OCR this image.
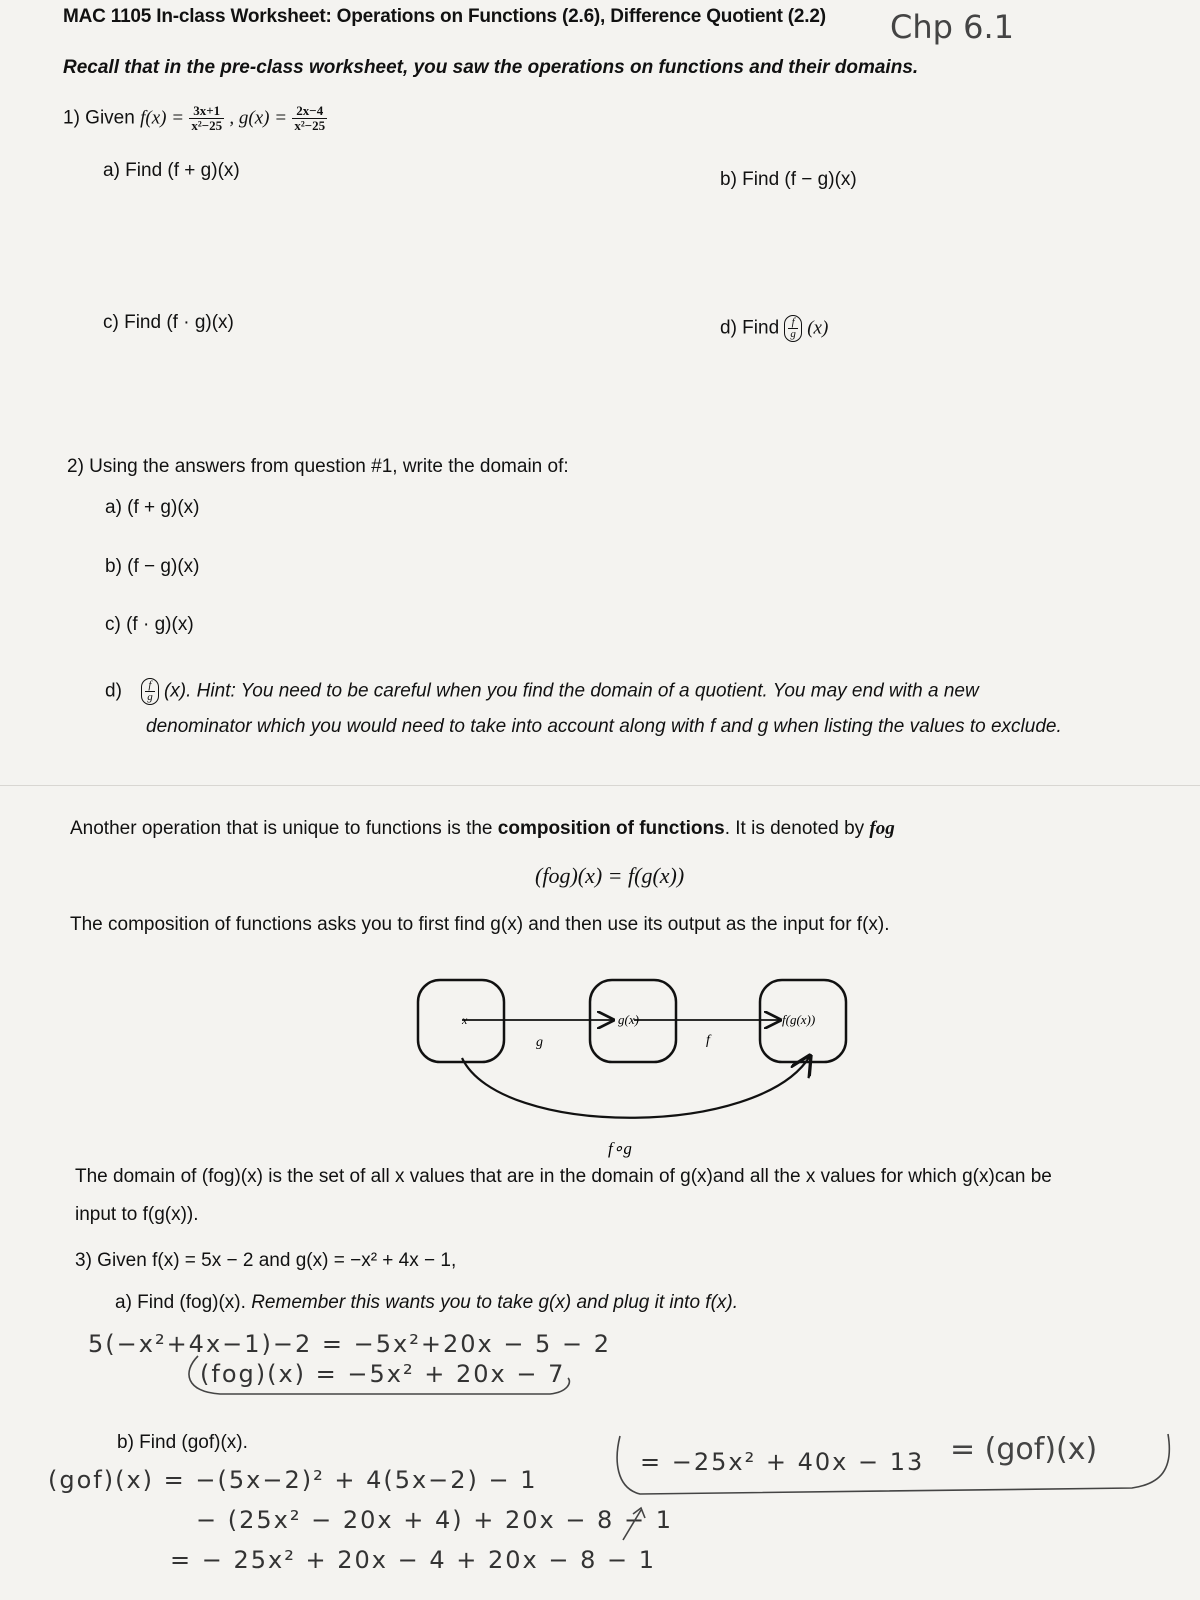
MAC 1105 In-class Worksheet: Operations on Functions (2.6), Difference Quotient (2.2) Chp 6.1
Recall that in the pre-class worksheet, you saw the operations on functions and their domains.
1) Given $f(x) = \frac{3x+1}{\text{x²−25}}$ , $g(x) = \frac{2x-4}{\text{x²−25}}$
a) Find (f + g)(x)	b) Find (f − g)(x)
c) Find (f · g)(x)	d) Find $\frac{f}{g} (x)$
2) Using the answers from question #1, write the domain of:
a) (f + g)(x)
b) (f − g)(x)
c) (f · g)(x)
$d) \frac{f}{g} (x)$. Hint: You need to be careful when you find the domain of a quotient. You may end with a new
denominator which you would need to take into account along with f and g when listing the values to exclude.
Another operation that is unique to functions is the composition of functions. It is denoted by fog
(fog)(x) = f(g(x))
The composition of functions asks you to first find g(x) and then use its output as the input for f(x).
x	g(x)	f(g(x))
g	f
f∘g
The domain of (fog)(x) is the set of all x values that are in the domain of g(x)and all the x values for which g(x)can be
input to f(g(x)).
3) Given f(x) = 5x − 2 and g(x) = −x² + 4x − 1,
a) Find (fog)(x). Remember this wants you to take g(x) and plug it into f(x).
b) Find (gof)(x).
5(−x²+4x−1)−2 = −5x²+20x − 5 − 2
(fog)(x) = −5x² + 20x − 7
(gof)(x) = −(5x−2)² + 4(5x−2) − 1
− (25x² − 20x + 4) + 20x − 8 − 1
= − 25x² + 20x − 4 + 20x − 8 − 1
= −25x² + 40x − 13 = (gof)(x)
